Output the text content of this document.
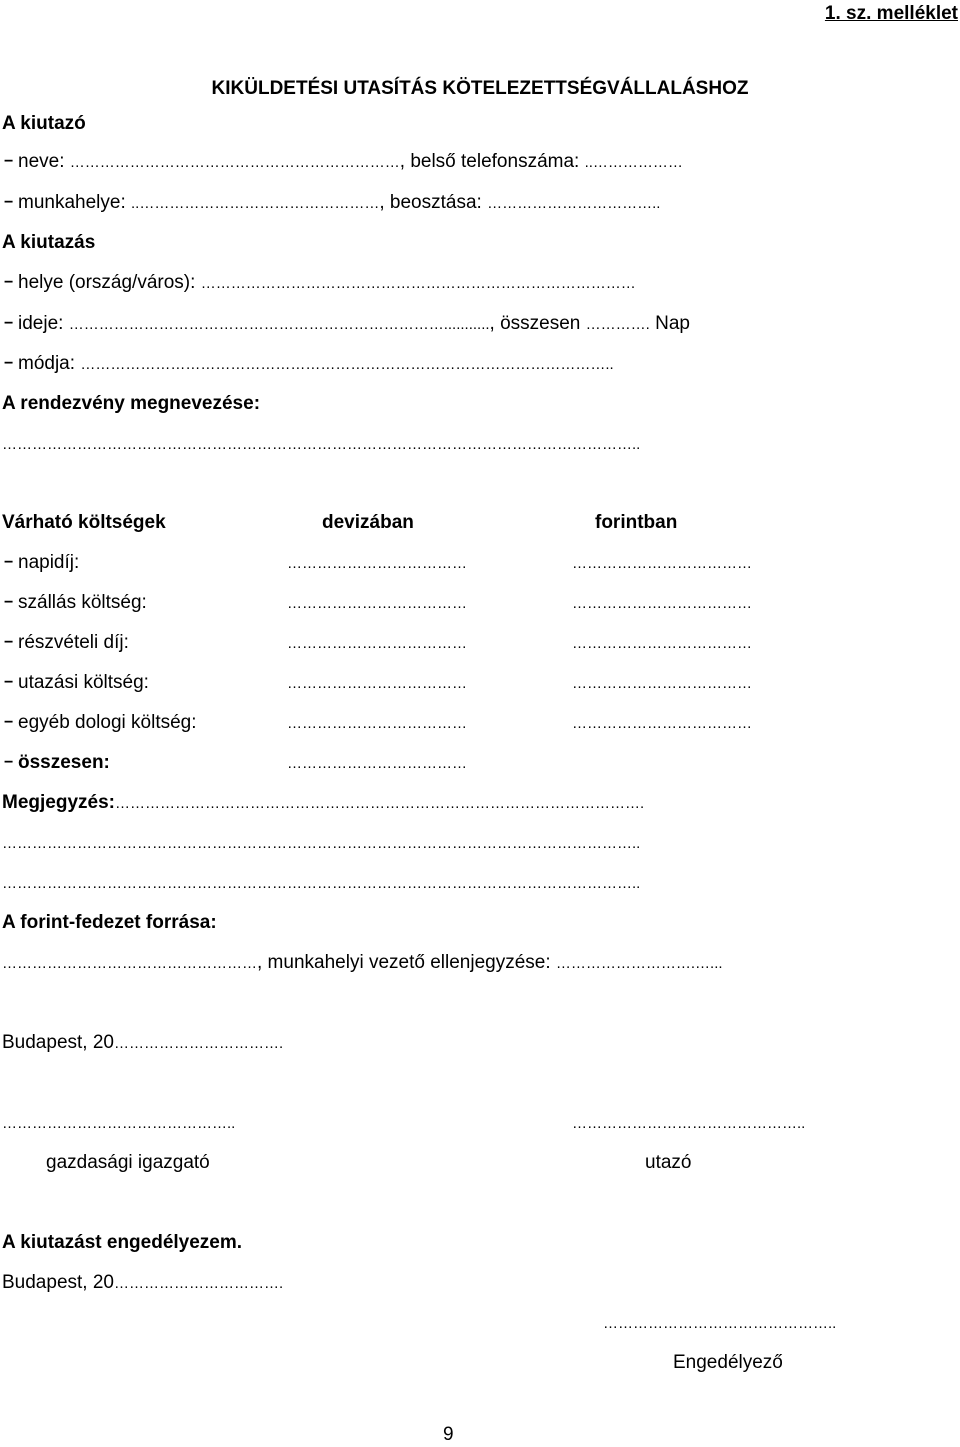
1. sz. melléklet
KIKÜLDETÉSI UTASÍTÁS KÖTELEZETTSÉGVÁLLALÁSHOZ
A kiutazó
− neve: …………………………………………………………, belső telefonszáma: ..………………
− munkahelye: ..…………………………………………, beosztása: ……………………………..
A kiutazás
− helye (ország/város): ……………………………………………………………………………
− ideje: …………………………………………………………………..........., összesen …………. Nap
− módja: ……………………………………………………………………………………………..
A rendezvény megnevezése:
………………………………………………………………………………………………………………..
Várható költségek	devizában	forintban
− napidíj:	………………………………	………………………………
− szállás költség:	………………………………	………………………………
− részvételi díj:	………………………………	………………………………
− utazási költség:	………………………………	………………………………
− egyéb dologi költség:	………………………………	………………………………
− összesen:	………………………………
Megjegyzés:…………………………………………………………………………………………….
………………………………………………………………………………………………………………..
………………………………………………………………………………………………………………..
A forint-fedezet forrása:
……………………………………………, munkahelyi vezető ellenjegyzése: ……………………….…...
Budapest, 20…………………………….
………………………………………..	………………………………………..
gazdasági igazgató	utazó
A kiutazást engedélyezem.
Budapest, 20…………………………….
………………………………………..
Engedélyező
9
